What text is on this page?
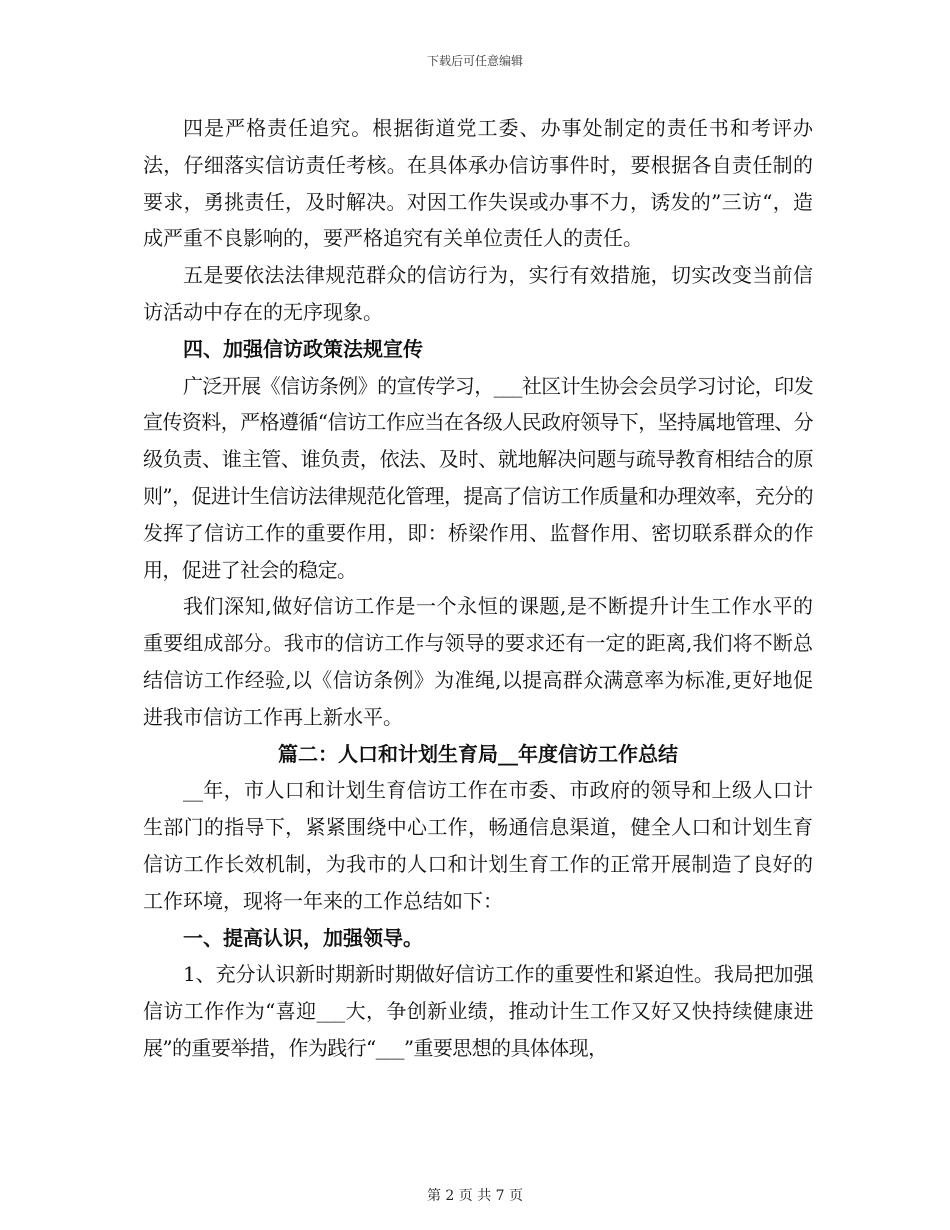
下载后可任意编辑

四是严格责任追究。根据街道党工委、办事处制定的责任书和考评办法，仔细落实信访责任考核。在具体承办信访事件时，要根据各自责任制的要求，勇挑责任，及时解决。对因工作失误或办事不力，诱发的”三访“，造成严重不良影响的，要严格追究有关单位责任人的责任。

五是要依法法律规范群众的信访行为，实行有效措施，切实改变当前信访活动中存在的无序现象。

四、加强信访政策法规宣传

广泛开展《信访条例》的宣传学习，___社区计生协会会员学习讨论，印发宣传资料，严格遵循“信访工作应当在各级人民政府领导下，坚持属地管理、分级负责、谁主管、谁负责，依法、及时、就地解决问题与疏导教育相结合的原则”，促进计生信访法律规范化管理，提高了信访工作质量和办理效率，充分的发挥了信访工作的重要作用，即：桥梁作用、监督作用、密切联系群众的作用，促进了社会的稳定。

我们深知,做好信访工作是一个永恒的课题,是不断提升计生工作水平的重要组成部分。我市的信访工作与领导的要求还有一定的距离,我们将不断总结信访工作经验,以《信访条例》为准绳,以提高群众满意率为标准,更好地促进我市信访工作再上新水平。

篇二：人口和计划生育局__年度信访工作总结

__年，市人口和计划生育信访工作在市委、市政府的领导和上级人口计生部门的指导下，紧紧围绕中心工作，畅通信息渠道，健全人口和计划生育信访工作长效机制，为我市的人口和计划生育工作的正常开展制造了良好的工作环境，现将一年来的工作总结如下：

一、提高认识，加强领导。

1、充分认识新时期新时期做好信访工作的重要性和紧迫性。我局把加强信访工作作为“喜迎___大，争创新业绩，推动计生工作又好又快持续健康进展”的重要举措，作为践行“___”重要思想的具体体现，

第 2 页 共 7 页
